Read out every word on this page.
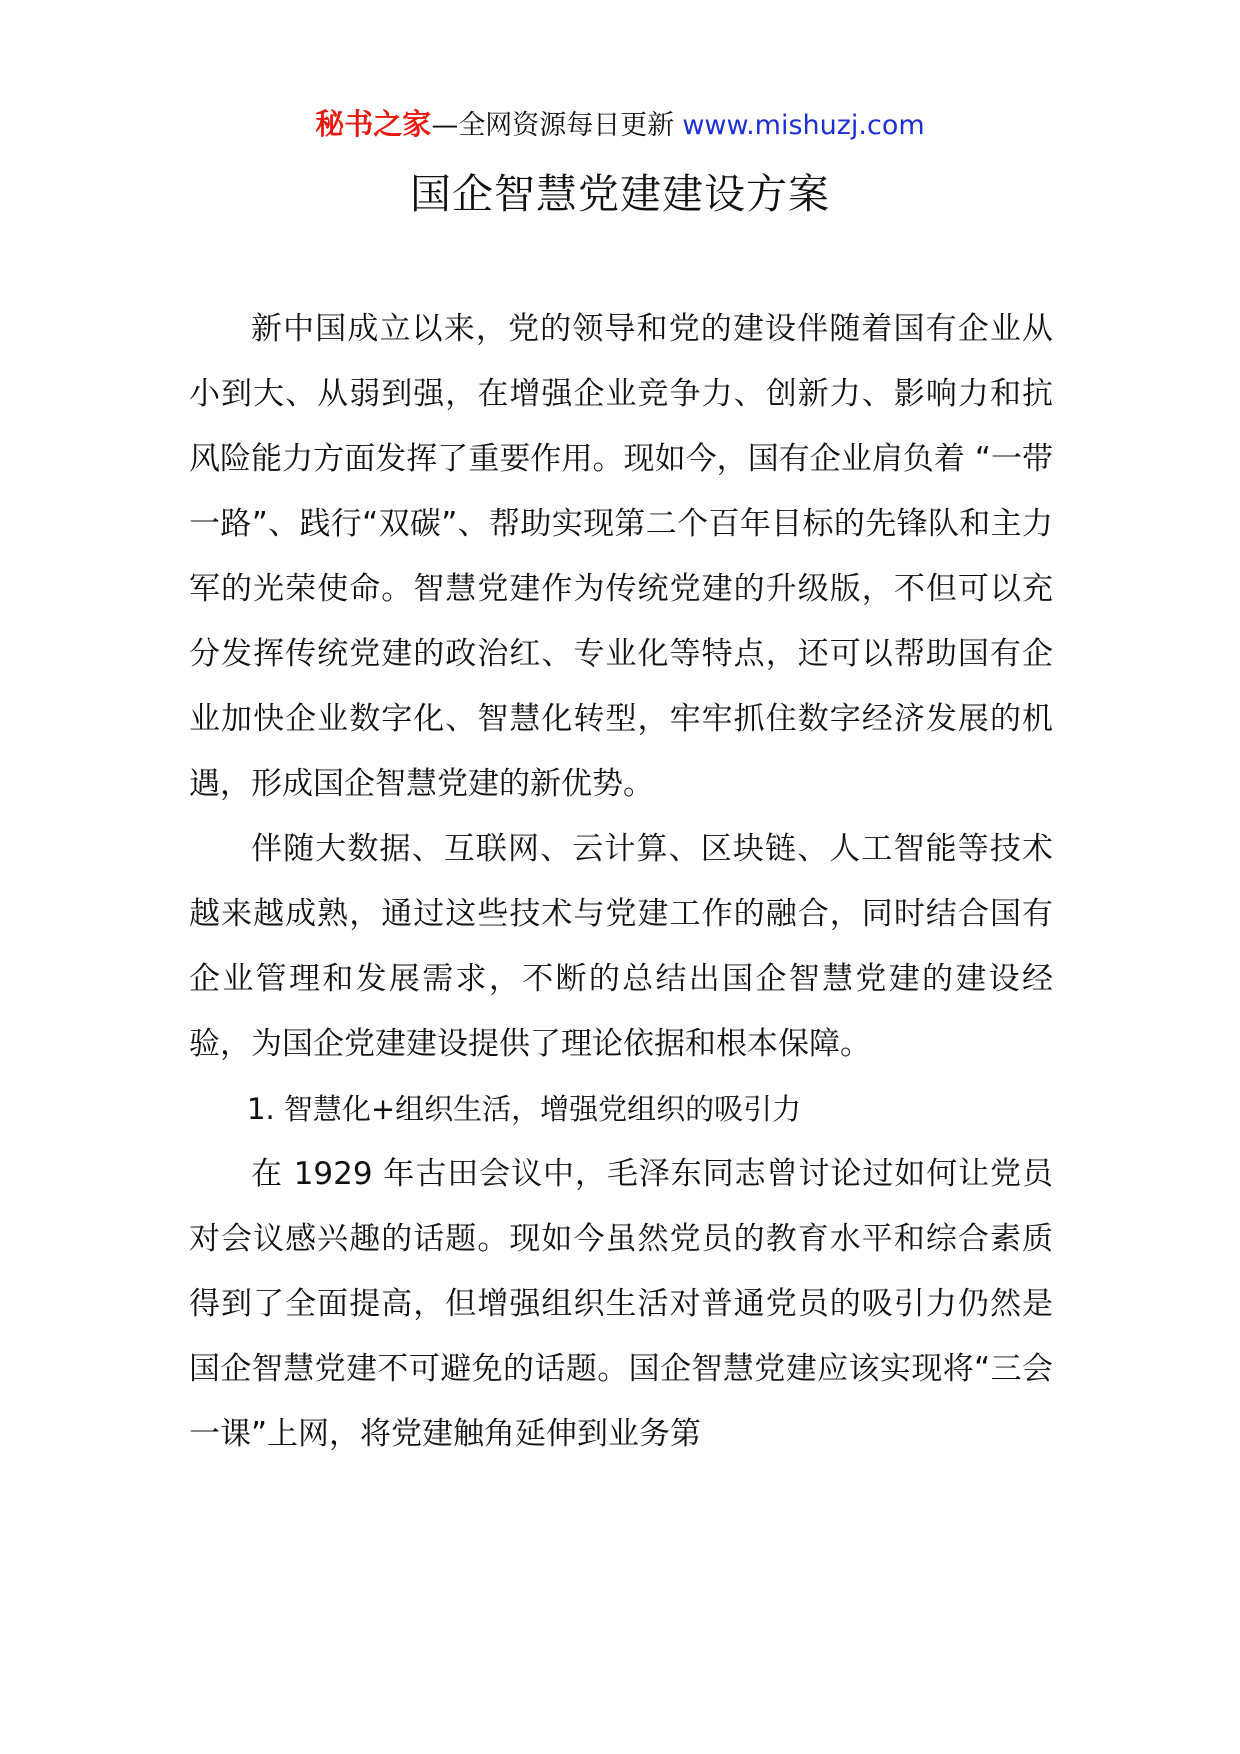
秘书之家—全网资源每日更新 www.mishuzj.com
国企智慧党建建设方案

新中国成立以来，党的领导和党的建设伴随着国有企业从小到大、从弱到强，在增强企业竞争力、创新力、影响力和抗风险能力方面发挥了重要作用。现如今，国有企业肩负着 “一带一路”、践行“双碳”、帮助实现第二个百年目标的先锋队和主力军的光荣使命。智慧党建作为传统党建的升级版，不但可以充分发挥传统党建的政治红、专业化等特点，还可以帮助国有企业加快企业数字化、智慧化转型，牢牢抓住数字经济发展的机遇，形成国企智慧党建的新优势。

伴随大数据、互联网、云计算、区块链、人工智能等技术越来越成熟，通过这些技术与党建工作的融合，同时结合国有企业管理和发展需求，不断的总结出国企智慧党建的建设经验，为国企党建建设提供了理论依据和根本保障。

1. 智慧化+组织生活，增强党组织的吸引力

在 1929 年古田会议中，毛泽东同志曾讨论过如何让党员对会议感兴趣的话题。现如今虽然党员的教育水平和综合素质得到了全面提高，但增强组织生活对普通党员的吸引力仍然是国企智慧党建不可避免的话题。国企智慧党建应该实现将“三会一课”上网，将党建触角延伸到业务第
